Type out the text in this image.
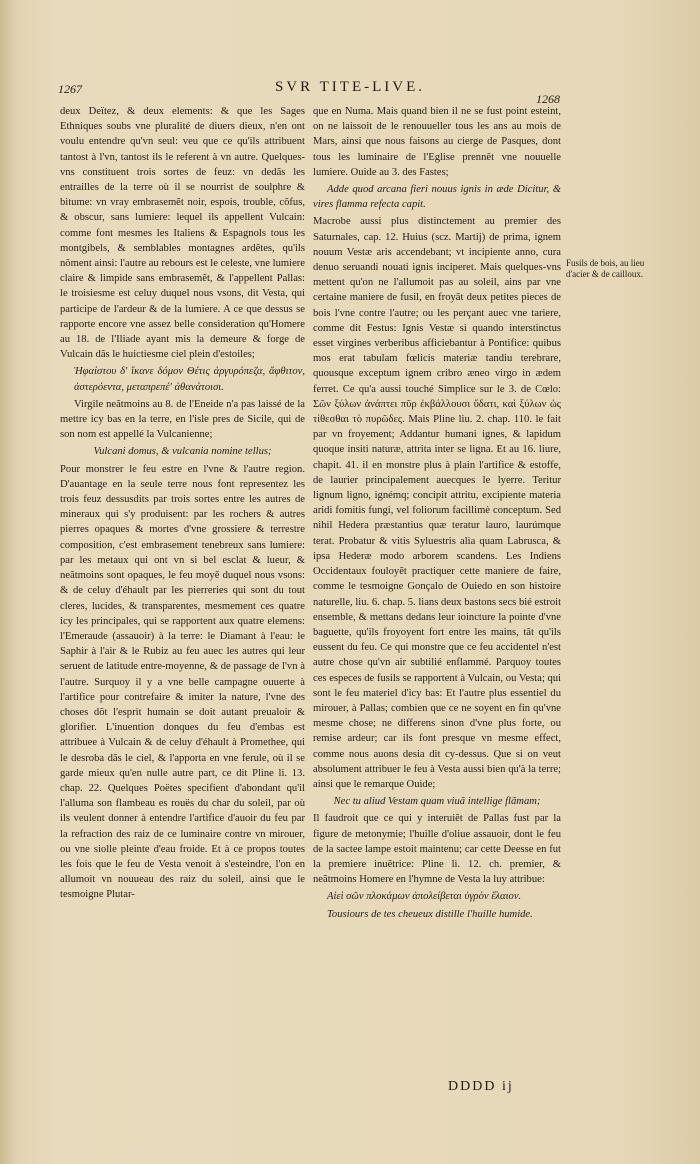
1267	SVR TITE-LIVE.
1268

deux Deïtez, & deux elements: & que les Sages Ethniques soubs vne pluralité de diuers dieux, n'en ont voulu entendre qu'vn seul: veu que ce qu'ils attribuent tantost à l'vn, tantost ils le referent à vn autre. Quelques-vns constituent trois sortes de feuz: vn dedãs les entrailles de la terre où il se nourrist de soulphre & bitume: vn vray embrasemẽt noir, espois, trouble, cõfus, & obscur, sans lumiere: lequel ils appellent Vulcain: comme font mesmes les Italiens & Espagnols tous les montgibels, & semblables montagnes ardẽtes, qu'ils nõment ainsi: l'autre au rebours est le celeste, vne lumiere claire & limpide sans embrasemẽt, & l'appellent Pallas: le troisiesme est celuy duquel nous vsons, dit Vesta, qui participe de l'ardeur & de la lumiere. A ce que dessus se rapporte encore vne assez belle consideration qu'Homere au 18. de l'Iliade ayant mis la demeure & forge de Vulcain dãs le huictiesme ciel plein d'estoiles;

Ἡφαίστου δ' ἵκανε δόμον Θέτις ἀργυρόπεζα, ἄφθιτον, ἀστερόεντα, μεταπρεπέ' ἀθανάτοισι.

Virgile neãtmoins au 8. de l'Eneide n'a pas laissé de la mettre icy bas en la terre, en l'isle pres de Sicile, qui de son nom est appellé la Vulcanienne;

Vulcani domus, & vulcania nomine tellus;

Pour monstrer le feu estre en l'vne & l'autre region. D'auantage en la seule terre nous font representez les trois feuz dessusdits par trois sortes entre les autres de mineraux qui s'y produisent: par les rochers & autres pierres opaques & mortes d'vne grossiere & terrestre composition, c'est embrasement tenebreux sans lumiere: par les metaux qui ont vn si bel esclat & lueur, & neãtmoins sont opaques, le feu moyẽ duquel nous vsons: & de celuy d'éhault par les pierreries qui sont du tout cleres, lucides, & transparentes, mesmement ces quatre icy les principales, qui se rapportent aux quatre elemens: l'Emeraude (assauoir) à la terre: le Diamant à l'eau: le Saphir à l'air & le Rubiz au feu auec les autres qui leur seruent de latitude entre-moyenne, & de passage de l'vn à l'autre. Surquoy il y a vne belle campagne ouuerte à l'artifice pour contrefaire & imiter la nature, l'vne des choses dõt l'esprit humain se doit autant preualoir & glorifier. L'inuention donques du feu d'embas est attribuee à Vulcain & de celuy d'éhault à Promethee, qui le desroba dãs le ciel, & l'apporta en vne ferule, où il se garde mieux qu'en nulle autre part, ce dit Pline li. 13. chap. 22. Quelques Poëtes specifient d'abondant qu'il l'alluma son flambeau es rouës du char du soleil, par où ils veulent donner à entendre l'artifice d'auoir du feu par la refraction des raiz de ce luminaire contre vn mirouer, ou vne siolle pleinte d'eau froide. Et à ce propos toutes les fois que le feu de Vesta venoit à s'esteindre, l'on en allumoit vn nouueau des raiz du soleil, ainsi que le tesmoigne Plutar-

que en Numa. Mais quand bien il ne se fust point esteint, on ne laissoit de le renouueller tous les ans au mois de Mars, ainsi que nous faisons au cierge de Pasques, dont tous les luminaire de l'Eglise prennẽt vne nouuelle lumiere. Ouide au 3. des Fastes;

Adde quod arcana fieri nouus ignis in æde Dicitur, & vires flamma refecta capit.

Macrobe aussi plus distinctement au premier des Saturnales, cap. 12. Huius (scz. Martij) de prima, ignem nouum Vestæ aris accendebant; vt incipiente anno, cura denuo seruandi nouati ignis inciperet. Mais quelques-vns mettent qu'on ne l'allumoit pas au soleil, ains par vne certaine maniere de fusil, en froyãt deux petites pieces de bois l'vne contre l'autre; ou les perçant auec vne tariere, comme dit Festus: Ignis Vestæ si quando interstinctus esset virgines verberibus afficiebantur à Pontifice: quibus mos erat tabulam fœlicis materiæ tandiu terebrare, quousque exceptum ignem cribro æneo virgo in ædem ferret. Ce qu'a aussi touché Simplice sur le 3. de Cœlo: Σῶν ξύλων ἀνάπτει πῦρ ἐκβάλλουσι ὕδατι, καὶ ξύλων ὡς τίθεσθαι τὸ πυρῶδες. Mais Pline liu. 2. chap. 110. le fait par vn froyement; Addantur humani ignes, & lapidum quoque insiti naturæ, attrita inter se ligna. Et au 16. liure, chapit. 41. il en monstre plus à plain l'artifice & estoffe, de laurier principalement auecques le lyerre. Teritur lignum ligno, ignémq; concipit attritu, excipiente materia aridi fomitis fungi, vel foliorum facillimè conceptum. Sed nihil Hedera præstantius quæ teratur lauro, laurúmque terat. Probatur & vitis Syluestris alia quam Labrusca, & ipsa Hederæ modo arborem scandens. Les Indiens Occidentaux fouloyẽt practiquer cette maniere de faire, comme le tesmoigne Gonçalo de Ouiedo en son histoire naturelle, liu. 6. chap. 5. lians deux bastons secs bié estroit ensemble, & mettans dedans leur ioincture la pointe d'vne baguette, qu'ils froyoyent fort entre les mains, tãt qu'ils eussent du feu. Ce qui monstre que ce feu accidentel n'est autre chose qu'vn air subtilié enflammé. Parquoy toutes ces especes de fusils se rapportent à Vulcain, ou Vesta; qui sont le feu materiel d'icy bas: Et l'autre plus essentiel du mirouer, à Pallas; combien que ce ne soyent en fin qu'vne mesme chose; ne differens sinon d'vne plus forte, ou remise ardeur; car ils font presque vn mesme effect, comme nous auons desia dit cy-dessus. Que si on veut absolument attribuer le feu à Vesta aussi bien qu'à la terre; ainsi que le remarque Ouide;

Nec tu aliud Vestam quam viuã intellige flãmam;

Il faudroit que ce qui y interuiẽt de Pallas fust par la figure de metonymie; l'huille d'oliue assauoir, dont le feu de la sactee lampe estoit maintenu; car cette Deesse en fut la premiere inuẽtrice: Pline li. 12. ch. premier, & neãtmoins Homere en l'hymne de Vesta la luy attribue:

Αἰεὶ σῶν πλοκάμων ἀπολείβεται ὑγρὸν ἔλαιον.

Tousiours de tes cheueux distille l'huille humide.

Fusils de bois, au lieu d'acier & de cailloux.
DDDD ij
